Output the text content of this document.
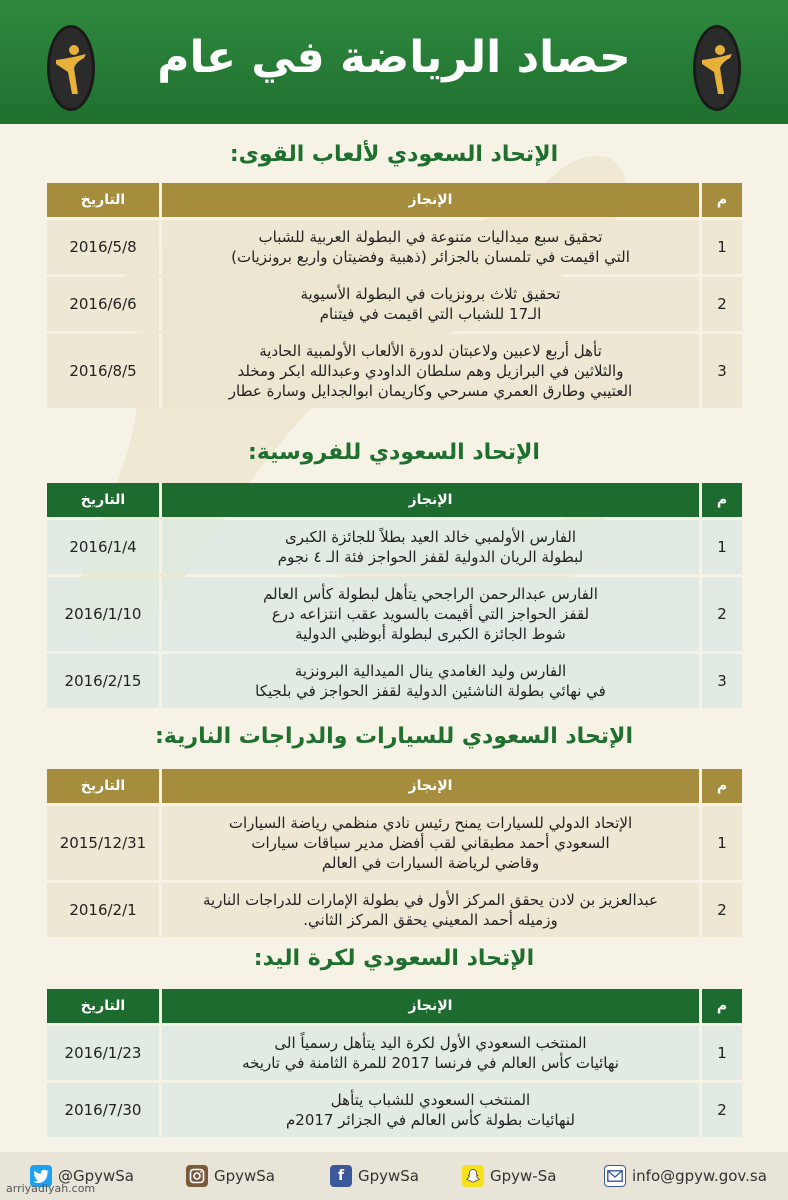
حصاد الرياضة في عام
الإتحاد السعودي لألعاب القوى:
م	الإنجاز	التاريخ
1	تحقيق سبع ميداليات متنوعة في البطولة العربية للشباب
التي اقيمت في تلمسان بالجزائر (ذهبية وفضيتان واربع برونزيات)	2016/5/8
2	تحقيق ثلاث برونزيات في البطولة الأسيوية
الـ17 للشباب التي اقيمت في فيتنام	2016/6/6
3	تأهل أربع لاعبين ولاعبتان لدورة الألعاب الأولمبية الحادية
والثلاثين في البرازيل وهم سلطان الداودي وعبدالله ابكر ومخلد
العتيبي وطارق العمري مسرحي وكاريمان ابوالجدايل وسارة عطار	2016/8/5
الإتحاد السعودي للفروسية:
م	الإنجاز	التاريخ
1	الفارس الأولمبي خالد العيد بطلاً للجائزة الكبرى
لبطولة الريان الدولية لقفز الحواجز فئة الـ ٤ نجوم	2016/1/4
2	الفارس عبدالرحمن الراجحي يتأهل لبطولة كأس العالم
لقفز الحواجز التي أقيمت بالسويد عقب انتزاعه درع
شوط الجائزة الكبرى لبطولة أبوظبي الدولية	2016/1/10
3	الفارس وليد الغامدي ينال الميدالية البرونزية
في نهائي بطولة الناشئين الدولية لقفز الحواجز في بلجيكا	2016/2/15
الإتحاد السعودي للسيارات والدراجات النارية:
م	الإنجاز	التاريخ
1	الإتحاد الدولي للسيارات يمنح رئيس نادي منظمي رياضة السيارات
السعودي أحمد مطبقاني لقب أفضل مدير سباقات سيارات
وقاضي لرياضة السيارات في العالم	2015/12/31
2	عبدالعزيز بن لادن يحقق المركز الأول في بطولة الإمارات للدراجات النارية
وزميله أحمد المعيني يحقق المركز الثاني.	2016/2/1
الإتحاد السعودي لكرة اليد:
م	الإنجاز	التاريخ
1	المنتخب السعودي الأول لكرة اليد يتأهل رسمياً الى
نهائيات كأس العالم في فرنسا 2017 للمرة الثامنة في تاريخه	2016/1/23
2	المنتخب السعودي للشباب يتأهل
لنهائيات بطولة كأس العالم في الجزائر 2017م	2016/7/30
@GpywSa	GpywSa	f GpywSa	Gpyw-Sa	info@gpyw.gov.sa
arriyadiyah.com
